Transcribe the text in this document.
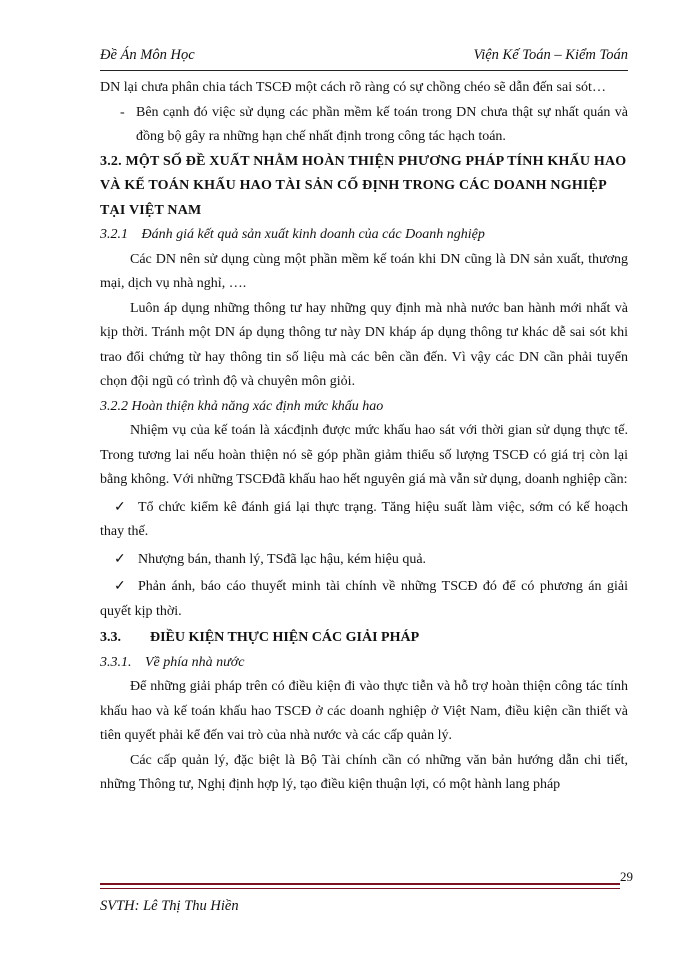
Đề Án Môn Học	Viện Kế Toán – Kiểm Toán

DN lại chưa phân chia tách TSCĐ một cách rõ ràng có sự chồng chéo sẽ dẫn đến sai sót…

- Bên cạnh đó việc sử dụng các phần mềm kế toán trong DN chưa thật sự nhất quán và đồng bộ gây ra những hạn chế nhất định trong công tác hạch toán.

3.2. MỘT SỐ ĐỀ XUẤT NHẰM HOÀN THIỆN PHƯƠNG PHÁP TÍNH KHẤU HAO VÀ KẾ TOÁN KHẤU HAO TÀI SẢN CỐ ĐỊNH TRONG CÁC DOANH NGHIỆP TẠI VIỆT NAM

3.2.1 Đánh giá kết quả sản xuất kinh doanh của các Doanh nghiệp

Các DN nên sử dụng cùng một phần mềm kế toán khi DN cũng là DN sản xuất, thương mại, dịch vụ nhà nghỉ, ….

Luôn áp dụng những thông tư hay những quy định mà nhà nước ban hành mới nhất và kịp thời. Tránh một DN áp dụng thông tư này DN kháp áp dụng thông tư khác dễ sai sót khi trao đổi chứng từ hay thông tin số liệu mà các bên cần đến. Vì vậy các DN cần phải tuyển chọn đội ngũ có trình độ và chuyên môn giỏi.

3.2.2 Hoàn thiện khả năng xác định mức khấu hao

Nhiệm vụ của kế toán là xácđịnh được mức khấu hao sát với thời gian sử dụng thực tế. Trong tương lai nếu hoàn thiện nó sẽ góp phần giảm thiểu số lượng TSCĐ có giá trị còn lại bằng không. Với những TSCĐđã khấu hao hết nguyên giá mà vẫn sử dụng, doanh nghiệp cần:

✓ Tổ chức kiểm kê đánh giá lại thực trạng. Tăng hiệu suất làm việc, sớm có kế hoạch thay thế.

✓ Nhượng bán, thanh lý, TSđã lạc hậu, kém hiệu quả.

✓ Phản ánh, báo cáo thuyết minh tài chính về những TSCĐ đó để có phương án giải quyết kịp thời.

3.3. ĐIỀU KIỆN THỰC HIỆN CÁC GIẢI PHÁP

3.3.1. Về phía nhà nước

Để những giải pháp trên có điều kiện đi vào thực tiễn và hỗ trợ hoàn thiện công tác tính khấu hao và kế toán khấu hao TSCĐ ở các doanh nghiệp ở Việt Nam, điều kiện cần thiết và tiên quyết phải kể đến vai trò của nhà nước và các cấp quản lý.

Các cấp quản lý, đặc biệt là Bộ Tài chính cần có những văn bản hướng dẫn chi tiết, những Thông tư, Nghị định hợp lý, tạo điều kiện thuận lợi, có một hành lang pháp

29
SVTH: Lê Thị Thu Hiền
